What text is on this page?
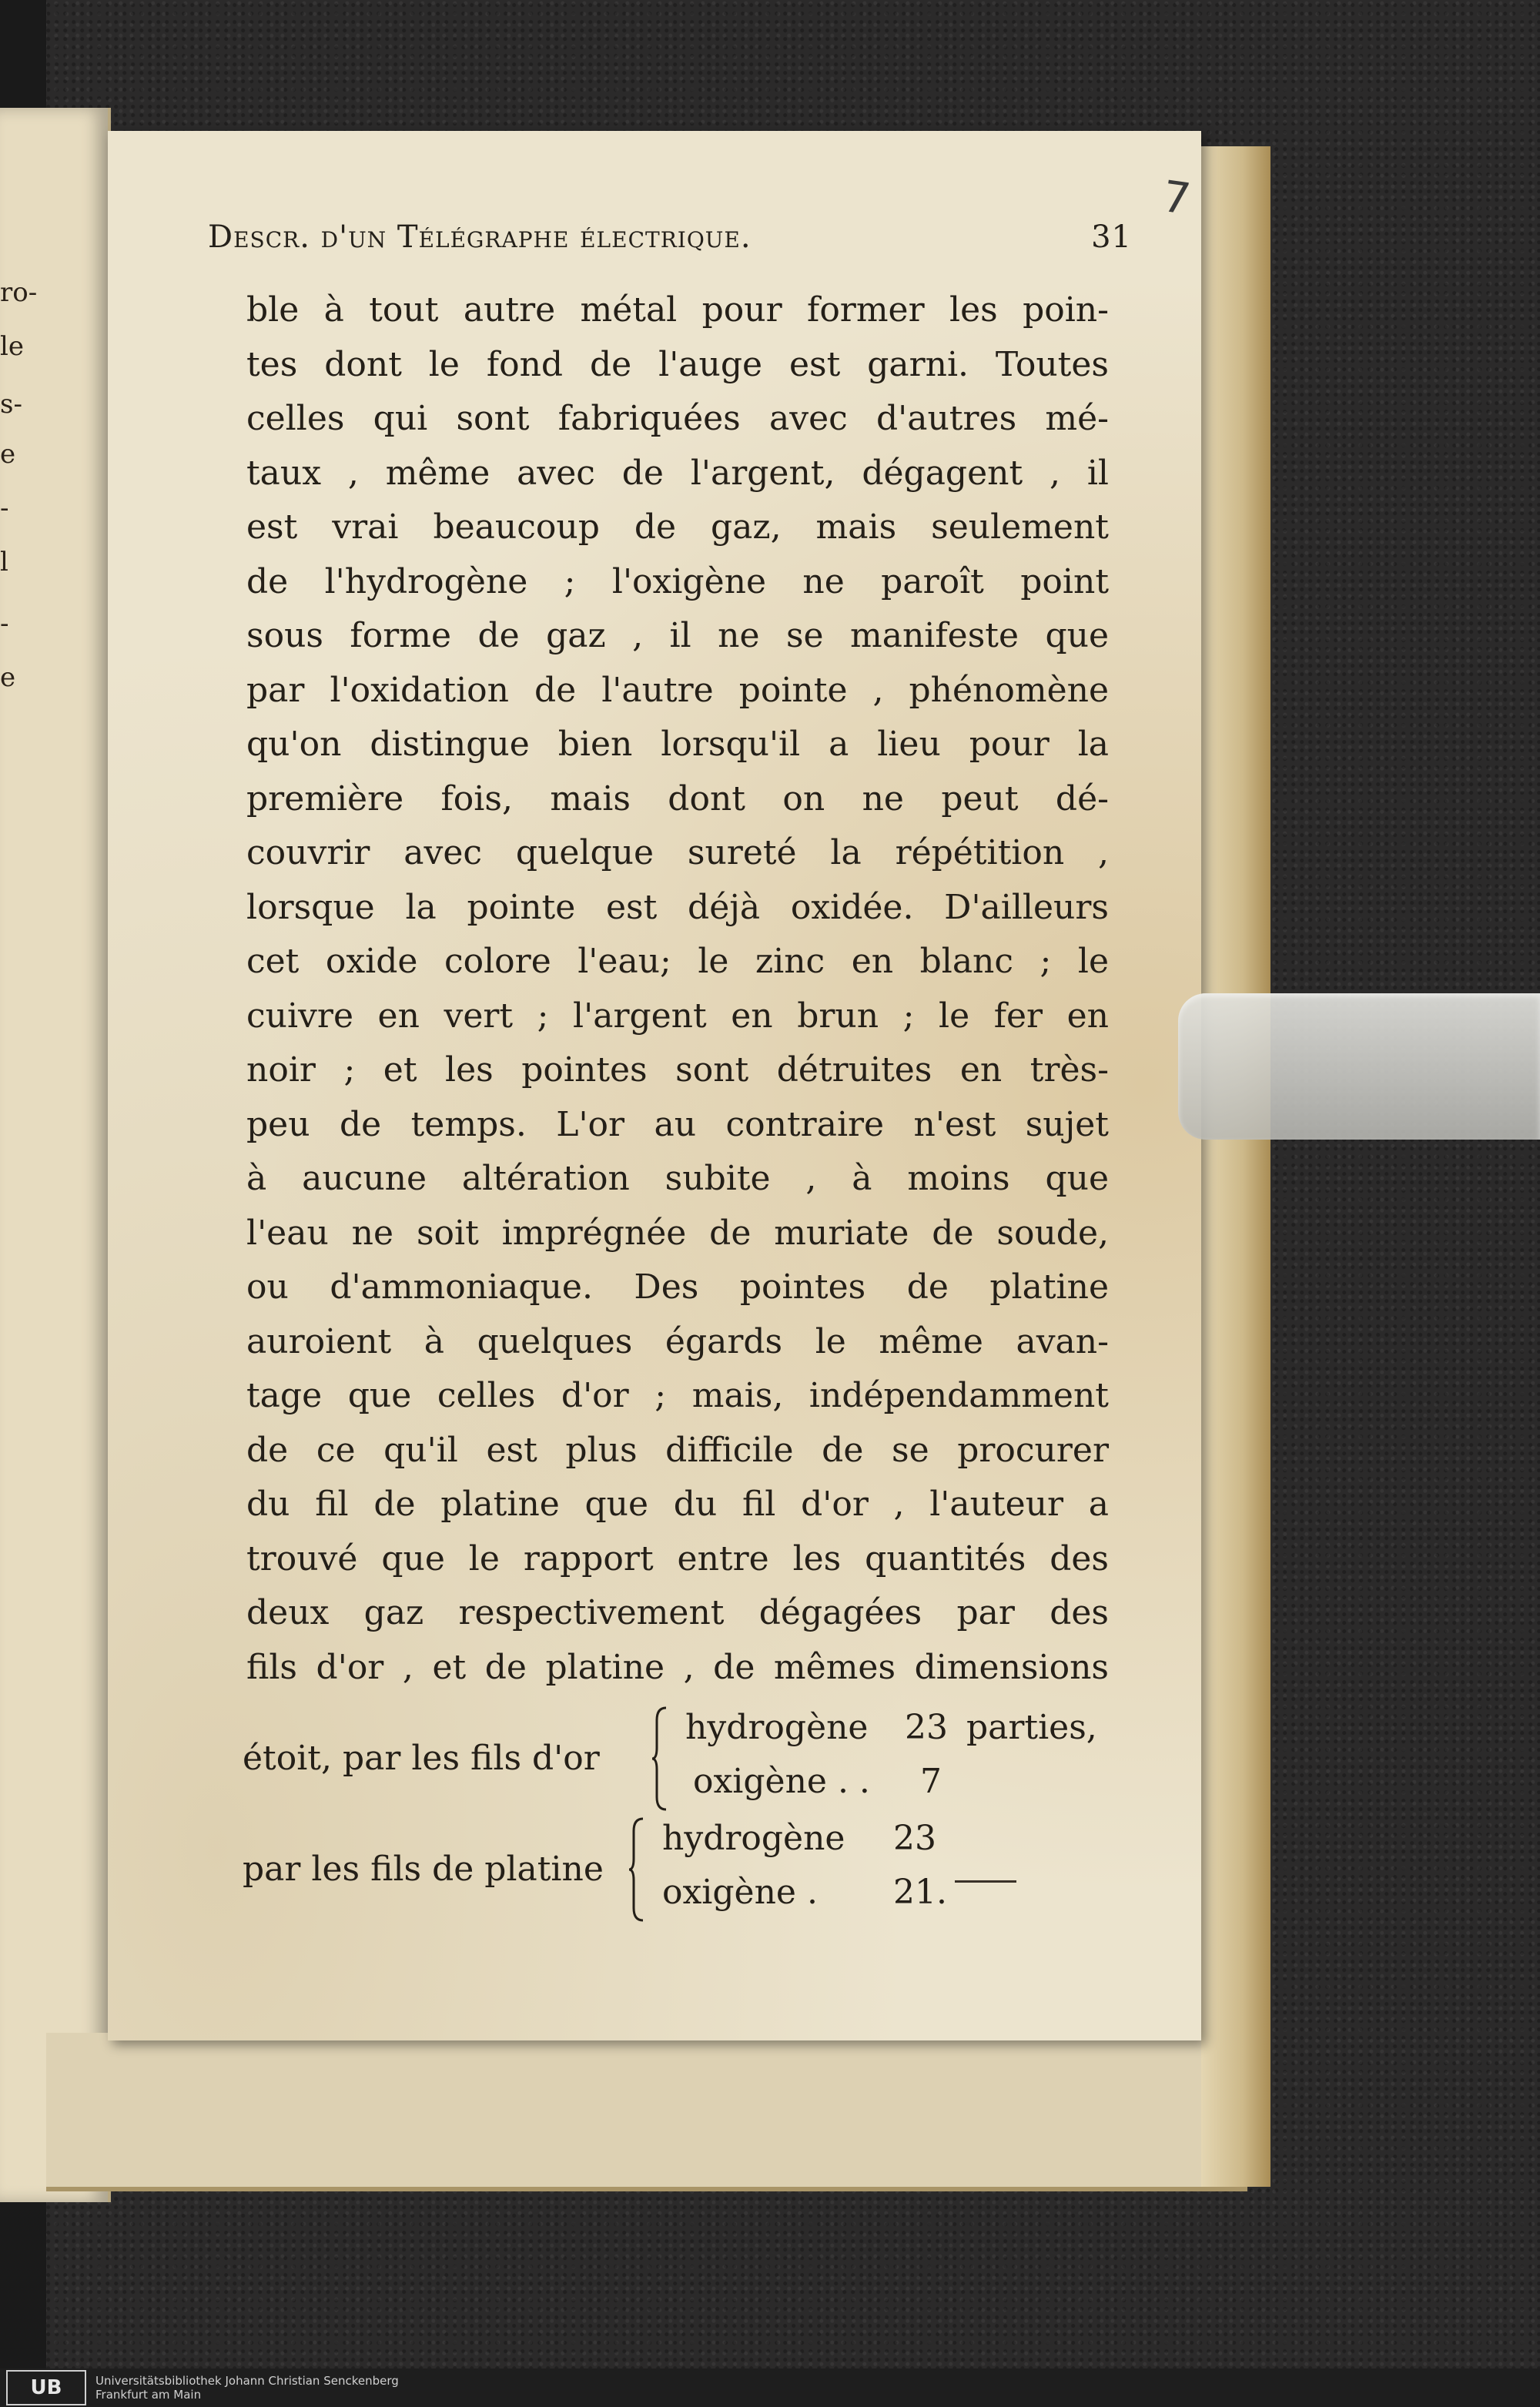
ro-
le
s-
e
-
l
-
e
7
Descr. d'un Télégraphe électrique.	31
ble à tout autre métal pour former les poin-
tes dont le fond de l'auge est garni. Toutes
celles qui sont fabriquées avec d'autres mé-
taux , même avec de l'argent, dégagent , il
est vrai beaucoup de gaz, mais seulement
de l'hydrogène ; l'oxigène ne paroît point
sous forme de gaz , il ne se manifeste que
par l'oxidation de l'autre pointe , phénomène
qu'on distingue bien lorsqu'il a lieu pour la
première fois, mais dont on ne peut dé-
couvrir avec quelque sureté la répétition ,
lorsque la pointe est déjà oxidée. D'ailleurs
cet oxide colore l'eau; le zinc en blanc ; le
cuivre en vert ; l'argent en brun ; le fer en
noir ; et les pointes sont détruites en très-
peu de temps. L'or au contraire n'est sujet
à aucune altération subite , à moins que
l'eau ne soit imprégnée de muriate de soude,
ou d'ammoniaque. Des pointes de platine
auroient à quelques égards le même avan-
tage que celles d'or ; mais, indépendamment
de ce qu'il est plus difficile de se procurer
du fil de platine que du fil d'or , l'auteur a
trouvé que le rapport entre les quantités des
deux gaz respectivement dégagées par des
fils d'or , et de platine , de mêmes dimensions
étoit, par les fils d'or
hydrogène 23 parties,
oxigène . . 7
par les fils de platine
hydrogène 23
oxigène . 21.
UB	Universitätsbibliothek Johann Christian Senckenberg
Frankfurt am Main
